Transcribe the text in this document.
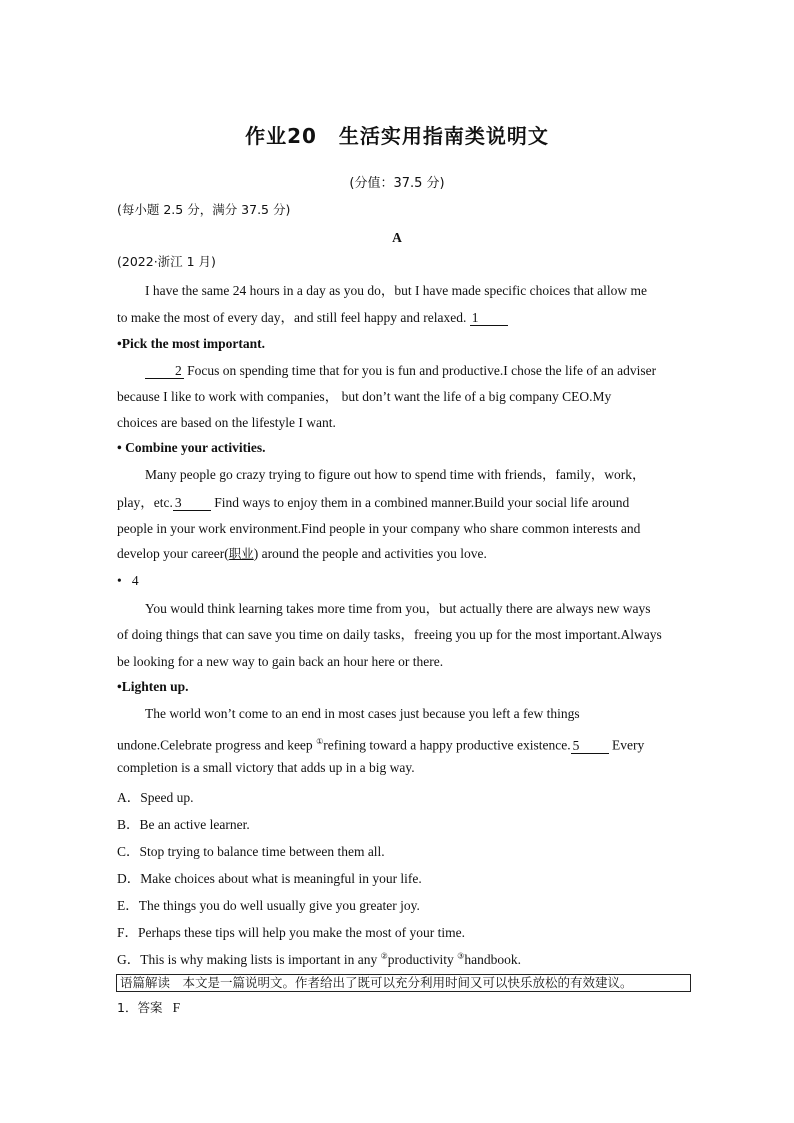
作业20 生活实用指南类说明文
(分值：37.5 分)
(每小题 2.5 分，满分 37.5 分)
A
(2022·浙江 1 月)
I have the same 24 hours in a day as you do，but I have made specific choices that allow me
to make the most of every day，and still feel happy and relaxed. 1
•Pick the most important.
2 Focus on spending time that for you is fun and productive.I chose the life of an adviser
because I like to work with companies， but don’t want the life of a big company CEO.My
choices are based on the lifestyle I want.
• Combine your activities.
Many people go crazy trying to figure out how to spend time with friends，family，work，
play，etc. 3 Find ways to enjoy them in a combined manner.Build your social life around
people in your work environment.Find people in your company who share common interests and
develop your career(职业) around the people and activities you love.
• 4
You would think learning takes more time from you，but actually there are always new ways
of doing things that can save you time on daily tasks，freeing you up for the most important.Always
be looking for a new way to gain back an hour here or there.
•Lighten up.
The world won’t come to an end in most cases just because you left a few things
undone.Celebrate progress and keep ①refining toward a happy productive existence. 5 Every
completion is a small victory that adds up in a big way.
A．Speed up.
B．Be an active learner.
C．Stop trying to balance time between them all.
D．Make choices about what is meaningful in your life.
E．The things you do well usually give you greater joy.
F．Perhaps these tips will help you make the most of your time.
G．This is why making lists is important in any ②productivity ③handbook.
语篇解读　本文是一篇说明文。作者给出了既可以充分利用时间又可以快乐放松的有效建议。
1．答案 F
